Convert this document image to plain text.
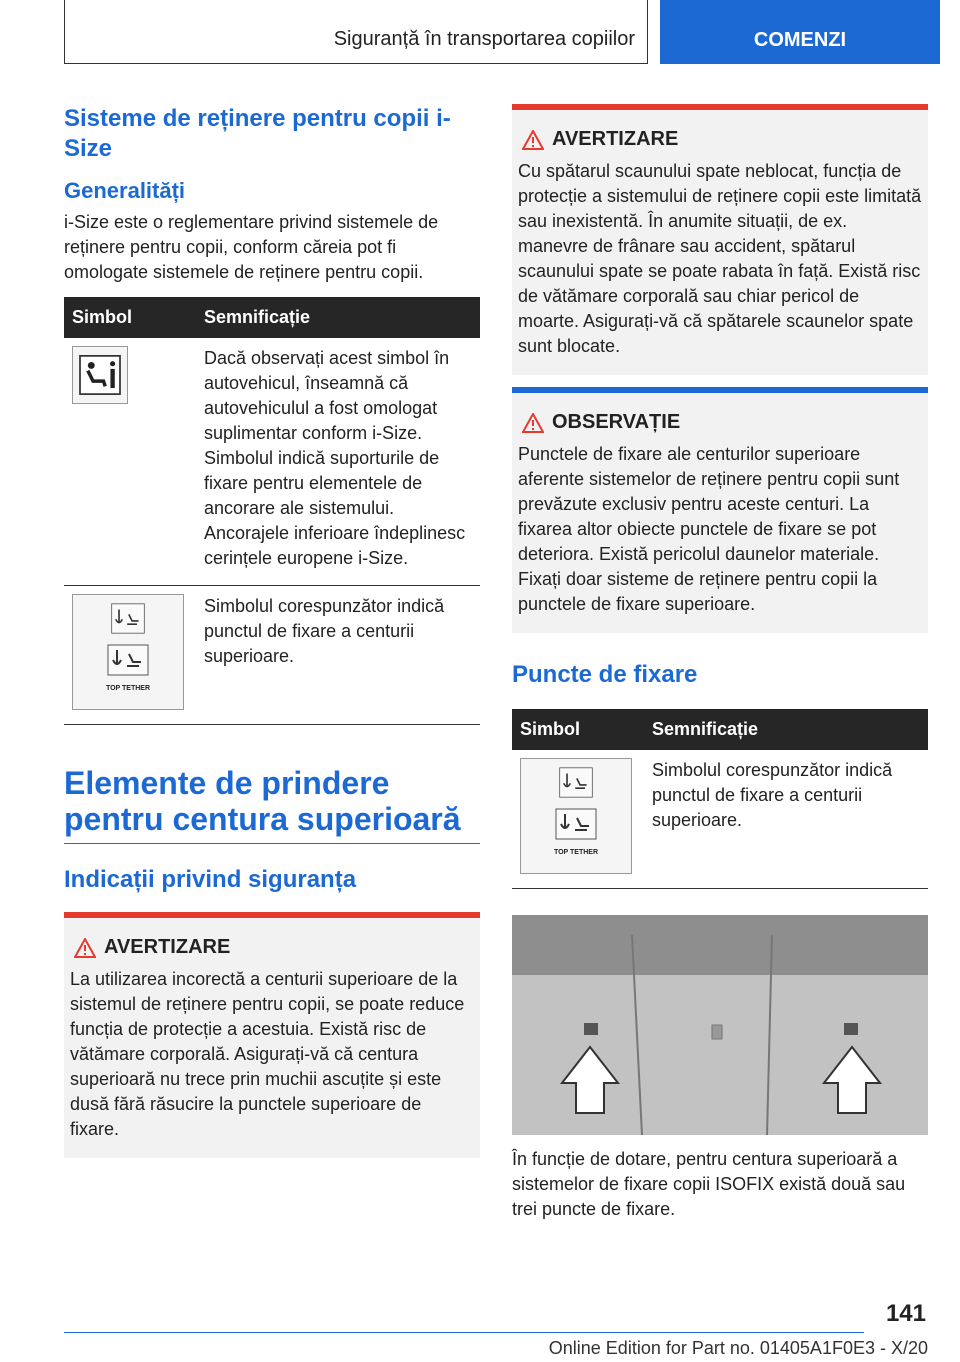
Siguranță în transportarea copiilor	COMENZI
Sisteme de reținere pentru copii i-Size
Generalități

i-Size este o reglementare privind sistemele de reținere pentru copii, conform căreia pot fi omologate sistemele de reținere pentru copii.

Simbol	Semnificație

	Dacă observați acest simbol în autovehicul, înseamnă că autovehiculul a fost omologat suplimentar conform i-Size. Simbolul indică suporturile de fixare pentru elementele de ancorare ale sistemului. Ancorajele inferioare îndeplinesc cerințele europene i-Size.

TOP TETHER	Simbolul corespunzător indică punctul de fixare a centurii superioare.
Elemente de prindere pentru centura superioară
Indicații privind siguranța
AVERTIZARE
La utilizarea incorectă a centurii superioare de la sistemul de reținere pentru copii, se poate reduce funcția de protecție a acestuia. Există risc de vătămare corporală. Asigurați-vă că centura superioară nu trece prin muchii ascuțite și este dusă fără răsucire la punctele superioare de fixare.
AVERTIZARE
Cu spătarul scaunului spate neblocat, funcția de protecție a sistemului de reținere copii este limitată sau inexistentă. În anumite situații, de ex. manevre de frânare sau accident, spătarul scaunului spate se poate rabata în față. Există risc de vătămare corporală sau chiar pericol de moarte. Asigurați-vă că spătarele scaunelor spate sunt blocate.
OBSERVAȚIE
Punctele de fixare ale centurilor superioare aferente sistemelor de reținere pentru copii sunt prevăzute exclusiv pentru aceste centuri. La fixarea altor obiecte punctele de fixare se pot deteriora. Există pericolul daunelor materiale. Fixați doar sisteme de reținere pentru copii la punctele de fixare superioare.
Puncte de fixare
Simbol	Semnificație

TOP TETHER	Simbolul corespunzător indică punctul de fixare a centurii superioare.

În funcție de dotare, pentru centura superioară a sistemelor de fixare copii ISOFIX există două sau trei puncte de fixare.

141
Online Edition for Part no. 01405A1F0E3 - X/20
